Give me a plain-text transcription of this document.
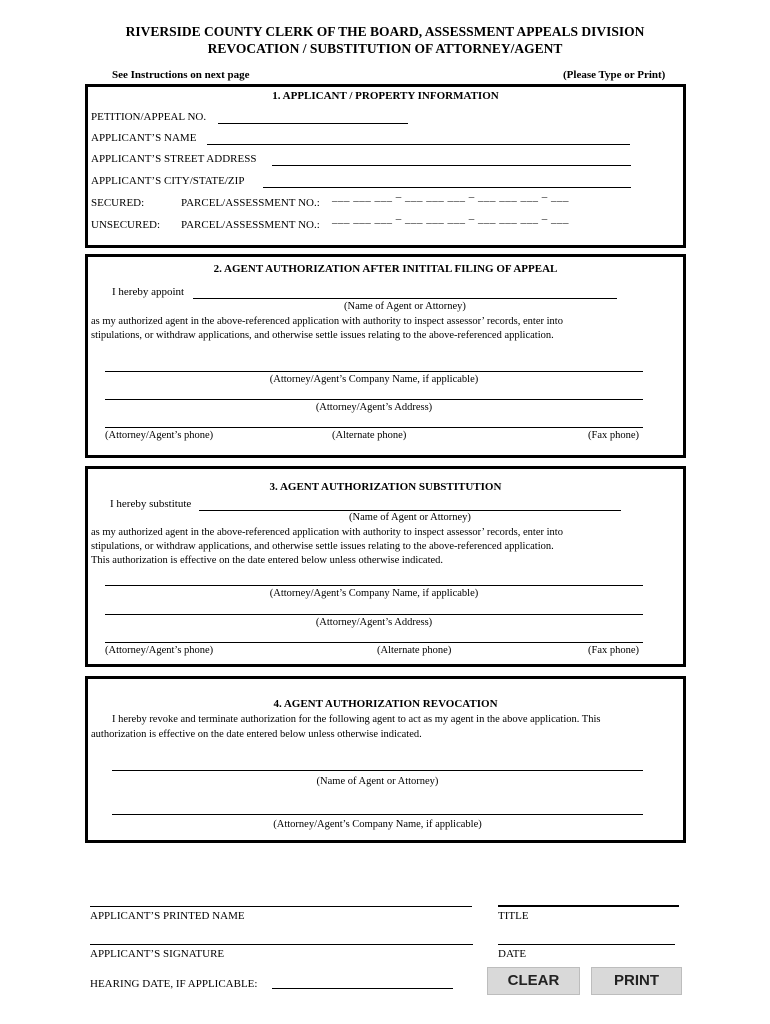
RIVERSIDE COUNTY CLERK OF THE BOARD, ASSESSMENT APPEALS DIVISION
REVOCATION / SUBSTITUTION OF ATTORNEY/AGENT
See Instructions on next page	(Please Type or Print)
1. APPLICANT / PROPERTY INFORMATION
PETITION/APPEAL NO.
APPLICANT’S NAME
APPLICANT’S STREET ADDRESS
APPLICANT’S CITY/STATE/ZIP
SECURED:	PARCEL/ASSESSMENT NO.: ___ ___ ___ – ___ ___ ___ – ___ ___ ___ – ___
UNSECURED: PARCEL/ASSESSMENT NO.: ___ ___ ___ – ___ ___ ___ – ___ ___ ___ – ___
2. AGENT AUTHORIZATION AFTER INITITAL FILING OF APPEAL
I hereby appoint
(Name of Agent or Attorney)
as my authorized agent in the above-referenced application with authority to inspect assessor’ records, enter into
stipulations, or withdraw applications, and otherwise settle issues relating to the above-referenced application.
(Attorney/Agent’s Company Name, if applicable)
(Attorney/Agent’s Address)
(Attorney/Agent’s phone)	(Alternate phone)	(Fax phone)
3. AGENT AUTHORIZATION SUBSTITUTION
I hereby substitute
(Name of Agent or Attorney)
as my authorized agent in the above-referenced application with authority to inspect assessor’ records, enter into
stipulations, or withdraw applications, and otherwise settle issues relating to the above-referenced application.
This authorization is effective on the date entered below unless otherwise indicated.
(Attorney/Agent’s Company Name, if applicable)
(Attorney/Agent’s Address)
(Attorney/Agent’s phone)	(Alternate phone)	(Fax phone)
4. AGENT AUTHORIZATION REVOCATION
I hereby revoke and terminate authorization for the following agent to act as my agent in the above application. This
authorization is effective on the date entered below unless otherwise indicated.
(Name of Agent or Attorney)
(Attorney/Agent’s Company Name, if applicable)
APPLICANT’S PRINTED NAME	TITLE
APPLICANT’S SIGNATURE	DATE
HEARING DATE, IF APPLICABLE:	CLEAR	PRINT
